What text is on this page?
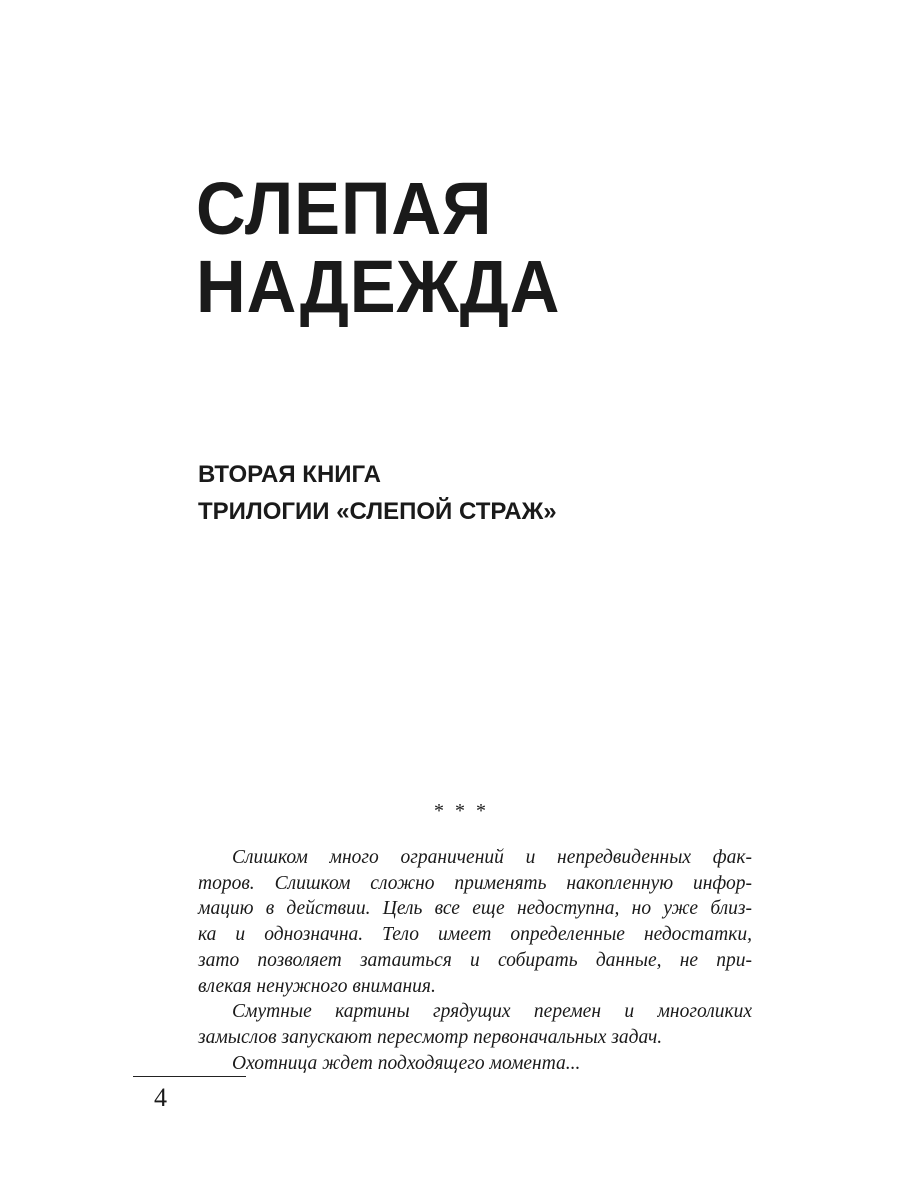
СЛЕПАЯ
НАДЕЖДА
ВТОРАЯ КНИГА
ТРИЛОГИИ «СЛЕПОЙ СТРАЖ»
* * *
Слишком много ограничений и непредвиденных фак-
торов. Слишком сложно применять накопленную инфор-
мацию в действии. Цель все еще недоступна, но уже близ-
ка и однозначна. Тело имеет определенные недостатки,
зато позволяет затаиться и собирать данные, не при-
влекая ненужного внимания.
Смутные картины грядущих перемен и многоликих
замыслов запускают пересмотр первоначальных задач.
Охотница ждет подходящего момента...
4
